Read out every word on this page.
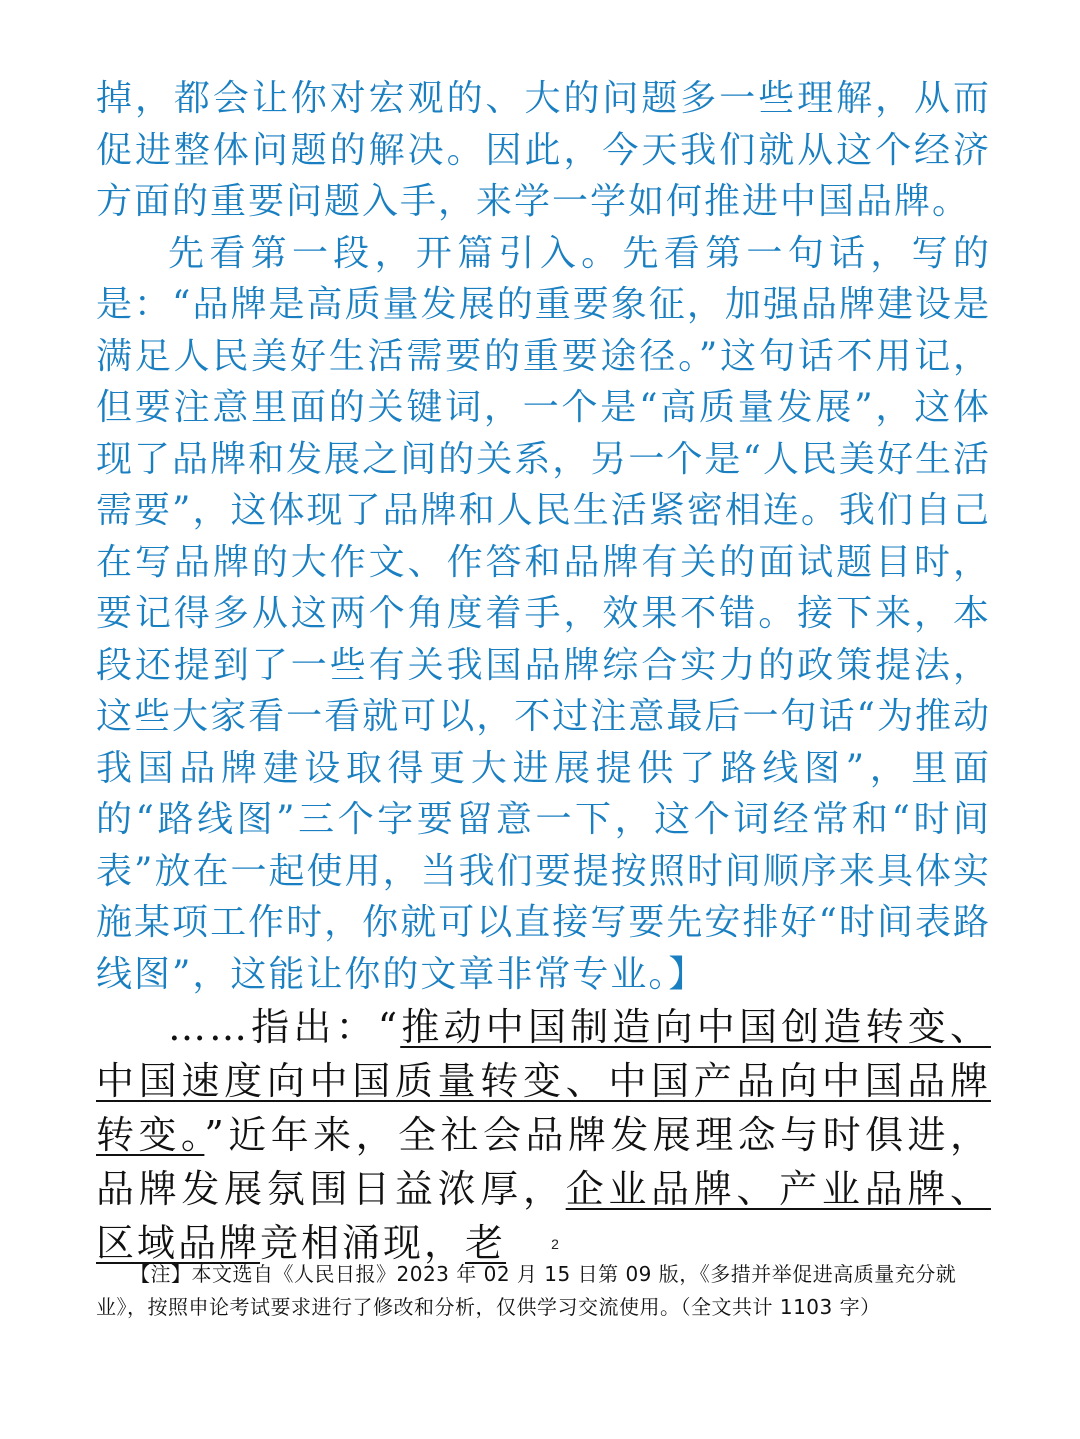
掉，都会让你对宏观的、大的问题多一些理解，从而促进整体问题的解决。因此，今天我们就从这个经济方面的重要问题入手，来学一学如何推进中国品牌。

先看第一段，开篇引入。先看第一句话，写的是：“品牌是高质量发展的重要象征，加强品牌建设是满足人民美好生活需要的重要途径。”这句话不用记，但要注意里面的关键词，一个是“高质量发展”，这体现了品牌和发展之间的关系，另一个是“人民美好生活需要”，这体现了品牌和人民生活紧密相连。我们自己在写品牌的大作文、作答和品牌有关的面试题目时，要记得多从这两个角度着手，效果不错。接下来，本段还提到了一些有关我国品牌综合实力的政策提法，这些大家看一看就可以，不过注意最后一句话“为推动我国品牌建设取得更大进展提供了路线图”，里面的“路线图”三个字要留意一下，这个词经常和“时间表”放在一起使用，当我们要提按照时间顺序来具体实施某项工作时，你就可以直接写要先安排好“时间表路线图”，这能让你的文章非常专业。】

……指出：“推动中国制造向中国创造转变、中国速度向中国质量转变、中国产品向中国品牌转变。”近年来，全社会品牌发展理念与时俱进，品牌发展氛围日益浓厚，企业品牌、产业品牌、区域品牌竞相涌现，老	2
【注】本文选自《人民日报》2023 年 02 月 15 日第 09 版，《多措并举促进高质量充分就业》，按照申论考试要求进行了修改和分析，仅供学习交流使用。（全文共计 1103 字）
